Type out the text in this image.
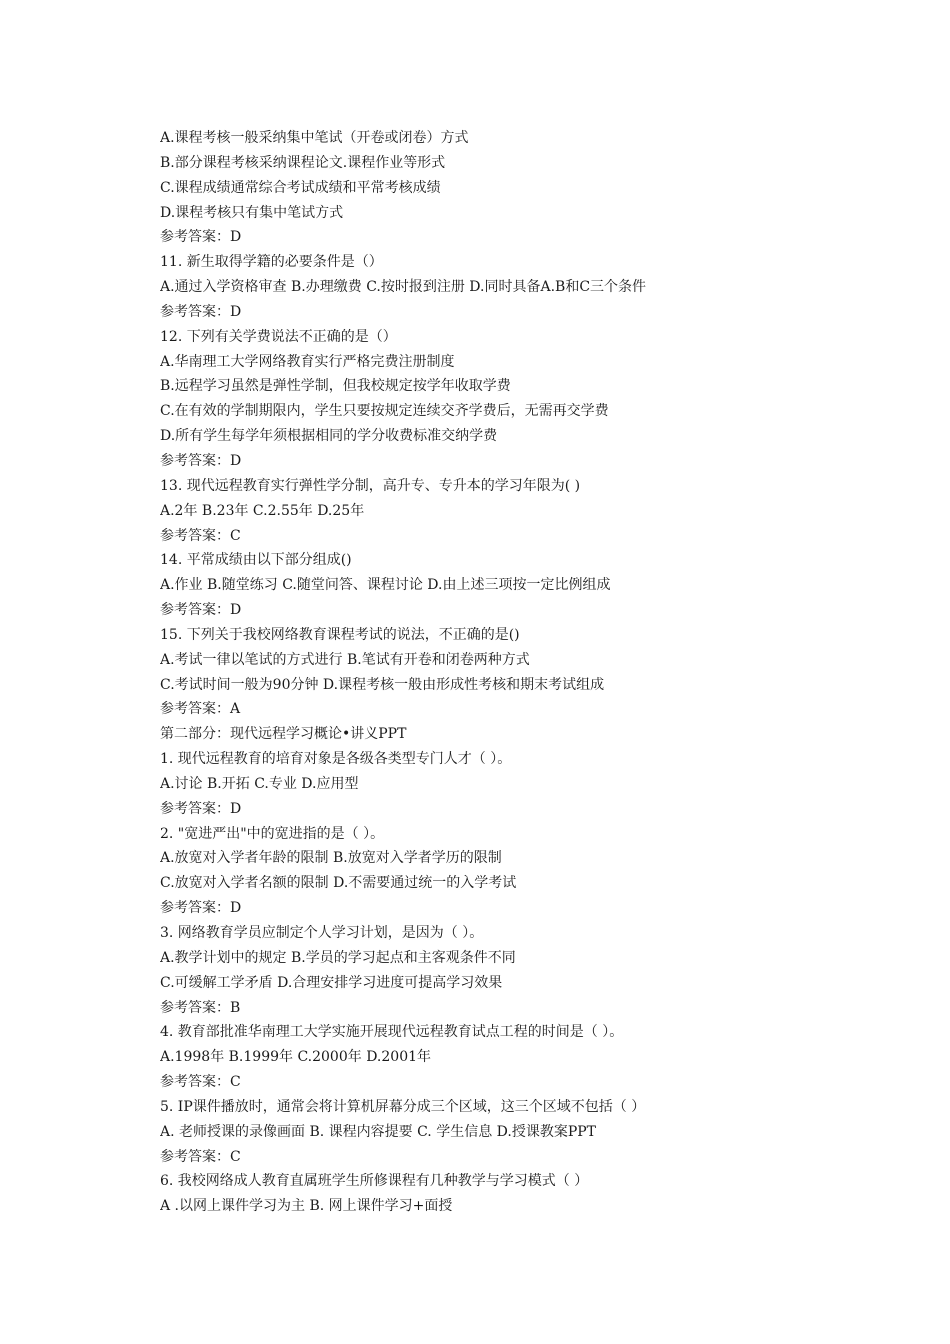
A.课程考核一般采纳集中笔试（开卷或闭卷）方式
B.部分课程考核采纳课程论文.课程作业等形式
C.课程成绩通常综合考试成绩和平常考核成绩
D.课程考核只有集中笔试方式
参考答案：D
11. 新生取得学籍的必要条件是（）
A.通过入学资格审查 B.办理缴费 C.按时报到注册 D.同时具备A.B和C三个条件
参考答案：D
12. 下列有关学费说法不正确的是（）
A.华南理工大学网络教育实行严格完费注册制度
B.远程学习虽然是弹性学制，但我校规定按学年收取学费
C.在有效的学制期限内，学生只要按规定连续交齐学费后，无需再交学费
D.所有学生每学年须根据相同的学分收费标准交纳学费
参考答案：D
13. 现代远程教育实行弹性学分制，高升专、专升本的学习年限为( )
A.2年 B.23年 C.2.55年 D.25年
参考答案：C
14. 平常成绩由以下部分组成()
A.作业 B.随堂练习 C.随堂问答、课程讨论 D.由上述三项按一定比例组成
参考答案：D
15. 下列关于我校网络教育课程考试的说法，不正确的是()
A.考试一律以笔试的方式进行 B.笔试有开卷和闭卷两种方式
C.考试时间一般为90分钟 D.课程考核一般由形成性考核和期末考试组成
参考答案：A
第二部分：现代远程学习概论•讲义PPT
1. 现代远程教育的培育对象是各级各类型专门人才（ ）。
A.讨论 B.开拓 C.专业 D.应用型
参考答案：D
2. "宽进严出"中的宽进指的是（ ）。
A.放宽对入学者年龄的限制 B.放宽对入学者学历的限制
C.放宽对入学者名额的限制 D.不需要通过统一的入学考试
参考答案：D
3. 网络教育学员应制定个人学习计划，是因为（ ）。
A.教学计划中的规定 B.学员的学习起点和主客观条件不同
C.可缓解工学矛盾 D.合理安排学习进度可提高学习效果
参考答案：B
4. 教育部批准华南理工大学实施开展现代远程教育试点工程的时间是（ ）。
A.1998年 B.1999年 C.2000年 D.2001年
参考答案：C
5. IP课件播放时，通常会将计算机屏幕分成三个区域，这三个区域不包括（ ）
A. 老师授课的录像画面 B. 课程内容提要 C. 学生信息 D.授课教案PPT
参考答案：C
6. 我校网络成人教育直属班学生所修课程有几种教学与学习模式（ ）
A .以网上课件学习为主 B. 网上课件学习+面授
